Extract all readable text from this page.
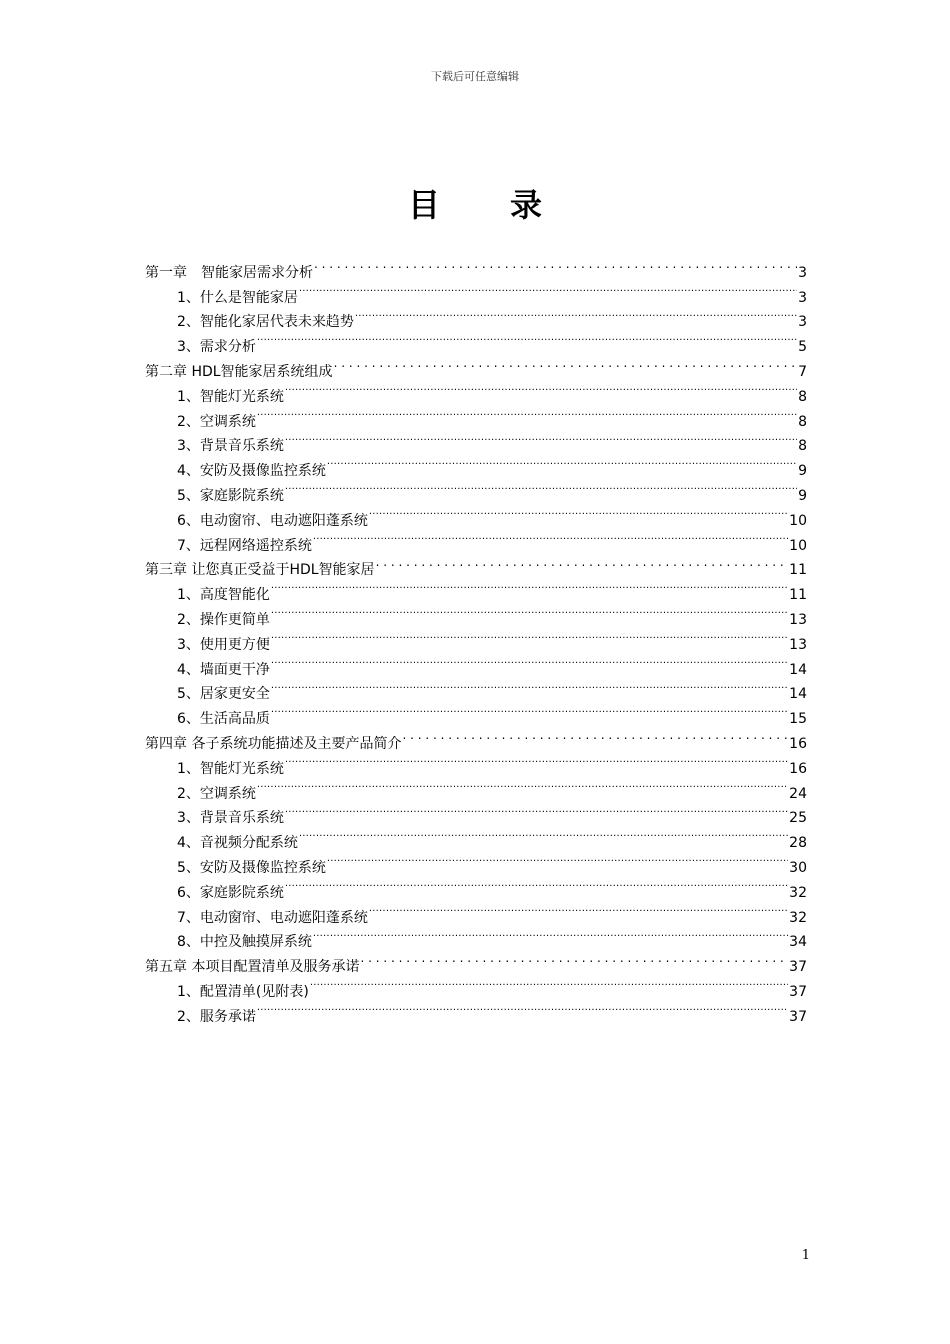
下载后可任意编辑
目 录
第一章　智能家居需求分析 . . .	3
1、什么是智能家居 .....	3
2、智能化家居代表未来趋势 .....	3
3、需求分析 .....	5
第二章 HDL智能家居系统组成 . . .	7
1、智能灯光系统 .....	8
2、空调系统 .....	8
3、背景音乐系统 .....	8
4、安防及摄像监控系统 .....	9
5、家庭影院系统 .....	9
6、电动窗帘、电动遮阳蓬系统 .....	10
7、远程网络遥控系统 .....	10
第三章 让您真正受益于HDL智能家居 . . .	11
1、高度智能化 .....	11
2、操作更简单 .....	13
3、使用更方便 .....	13
4、墙面更干净 .....	14
5、居家更安全 .....	14
6、生活高品质 .....	15
第四章 各子系统功能描述及主要产品简介 . . .	16
1、智能灯光系统 .....	16
2、空调系统 .....	24
3、背景音乐系统 .....	25
4、音视频分配系统 .....	28
5、安防及摄像监控系统 .....	30
6、家庭影院系统 .....	32
7、电动窗帘、电动遮阳蓬系统 .....	32
8、中控及触摸屏系统 .....	34
第五章 本项目配置清单及服务承诺 . . .	37
1、配置清单(见附表) .....	37
2、服务承诺 .....	37
1
